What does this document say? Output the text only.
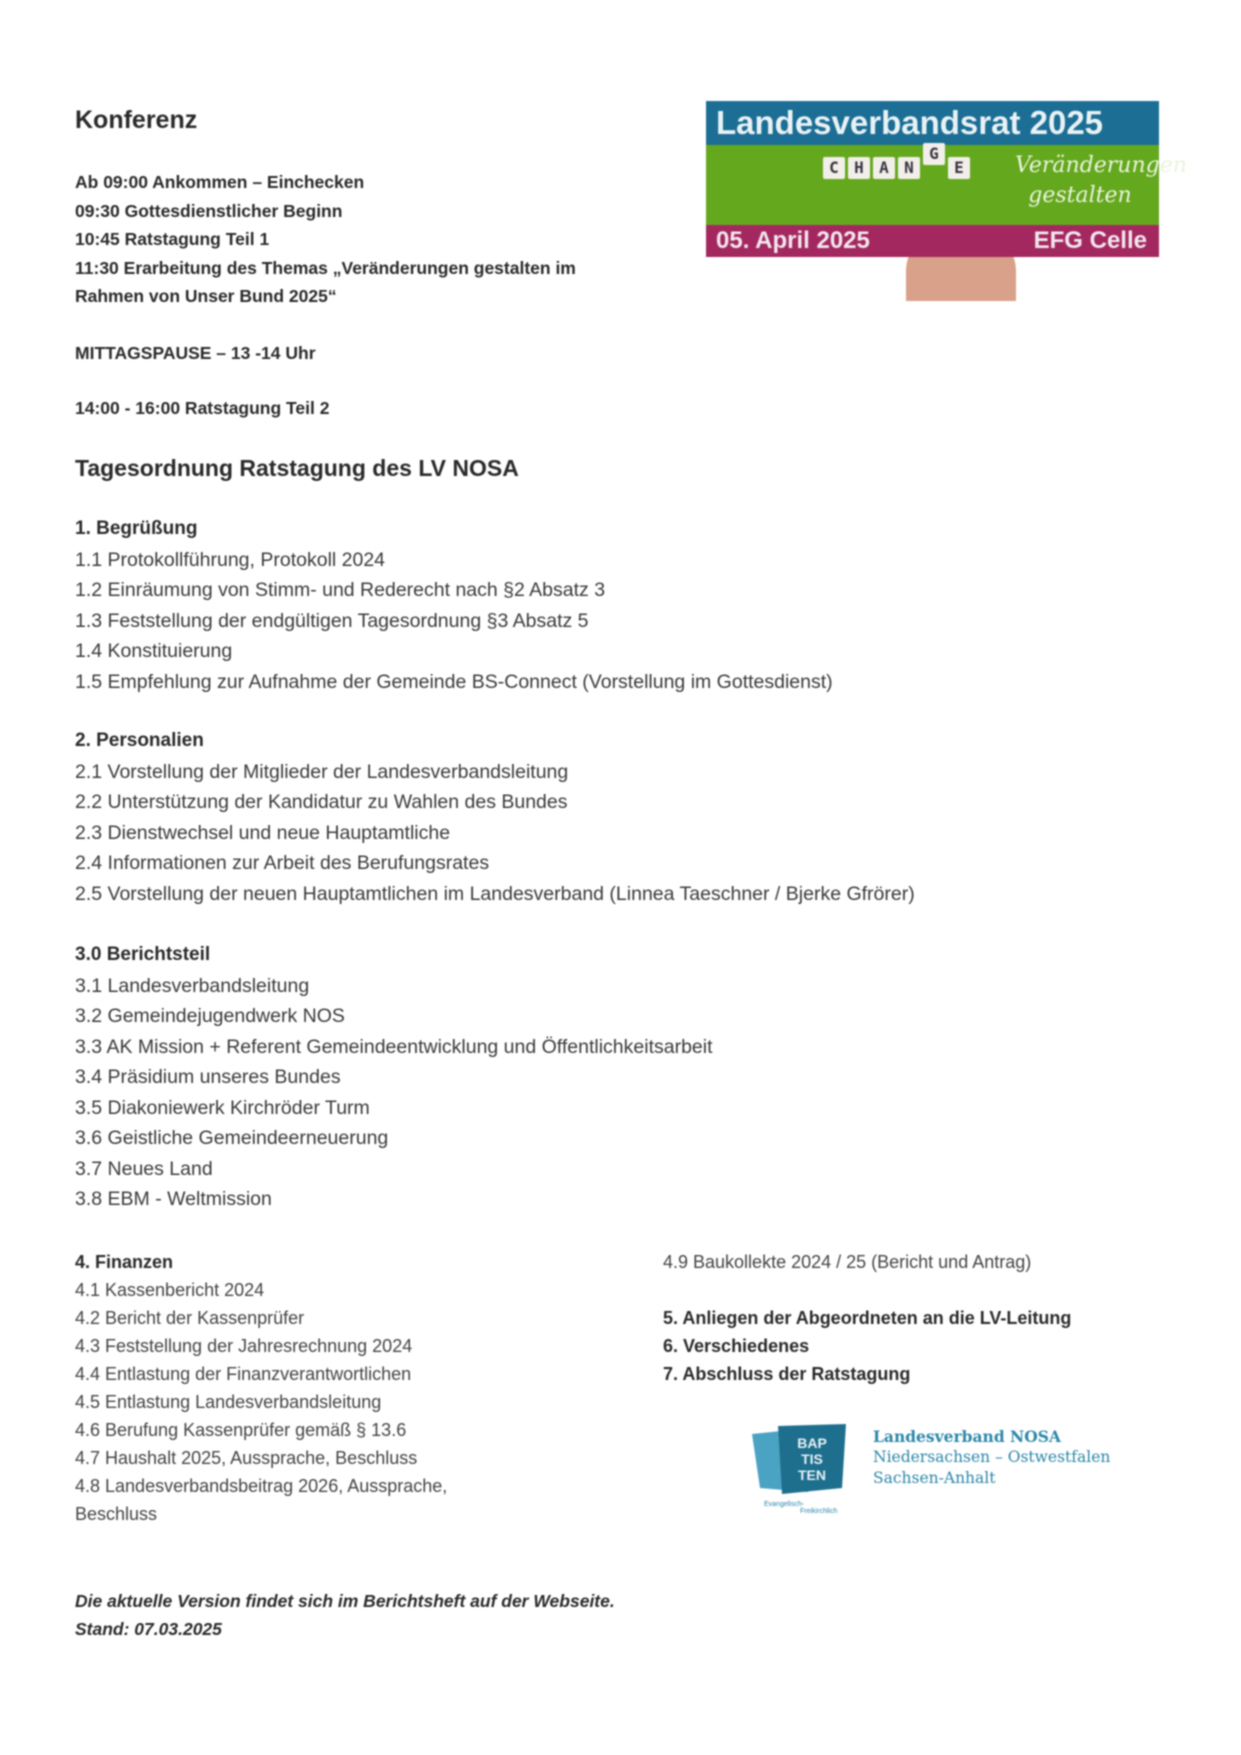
Konferenz
Ab 09:00 Ankommen – Einchecken
09:30 Gottesdienstlicher Beginn
10:45 Ratstagung Teil 1
11:30 Erarbeitung des Themas „Veränderungen gestalten im
Rahmen von Unser Bund 2025“
MITTAGSPAUSE – 13 -14 Uhr
14:00 - 16:00 Ratstagung Teil 2
Landesverbandsrat 2025
C H A N
G
E Veränderungen gestalten
05. April 2025	EFG Celle
Tagesordnung Ratstagung des LV NOSA
1. Begrüßung
1.1 Protokollführung, Protokoll 2024
1.2 Einräumung von Stimm- und Rederecht nach §2 Absatz 3
1.3 Feststellung der endgültigen Tagesordnung §3 Absatz 5
1.4 Konstituierung
1.5 Empfehlung zur Aufnahme der Gemeinde BS-Connect (Vorstellung im Gottesdienst)
2. Personalien
2.1 Vorstellung der Mitglieder der Landesverbandsleitung
2.2 Unterstützung der Kandidatur zu Wahlen des Bundes
2.3 Dienstwechsel und neue Hauptamtliche
2.4 Informationen zur Arbeit des Berufungsrates
2.5 Vorstellung der neuen Hauptamtlichen im Landesverband (Linnea Taeschner / Bjerke Gfrörer)
3.0 Berichtsteil
3.1 Landesverbandsleitung
3.2 Gemeindejugendwerk NOS
3.3 AK Mission + Referent Gemeindeentwicklung und Öffentlichkeitsarbeit
3.4 Präsidium unseres Bundes
3.5 Diakoniewerk Kirchröder Turm
3.6 Geistliche Gemeindeerneuerung
3.7 Neues Land
3.8 EBM - Weltmission
4. Finanzen
4.1 Kassenbericht 2024
4.2 Bericht der Kassenprüfer
4.3 Feststellung der Jahresrechnung 2024
4.4 Entlastung der Finanzverantwortlichen
4.5 Entlastung Landesverbandsleitung
4.6 Berufung Kassenprüfer gemäß § 13.6
4.7 Haushalt 2025, Aussprache, Beschluss
4.8 Landesverbandsbeitrag 2026, Aussprache,
Beschluss
4.9 Baukollekte 2024 / 25 (Bericht und Antrag)
5. Anliegen der Abgeordneten an die LV-Leitung
6. Verschiedenes
7. Abschluss der Ratstagung
BAP
TIS
TEN
Evangelisch-
Freikirchlich
Landesverband NOSA
Niedersachsen – Ostwestfalen
Sachsen-Anhalt
Die aktuelle Version findet sich im Berichtsheft auf der Webseite.
Stand: 07.03.2025
